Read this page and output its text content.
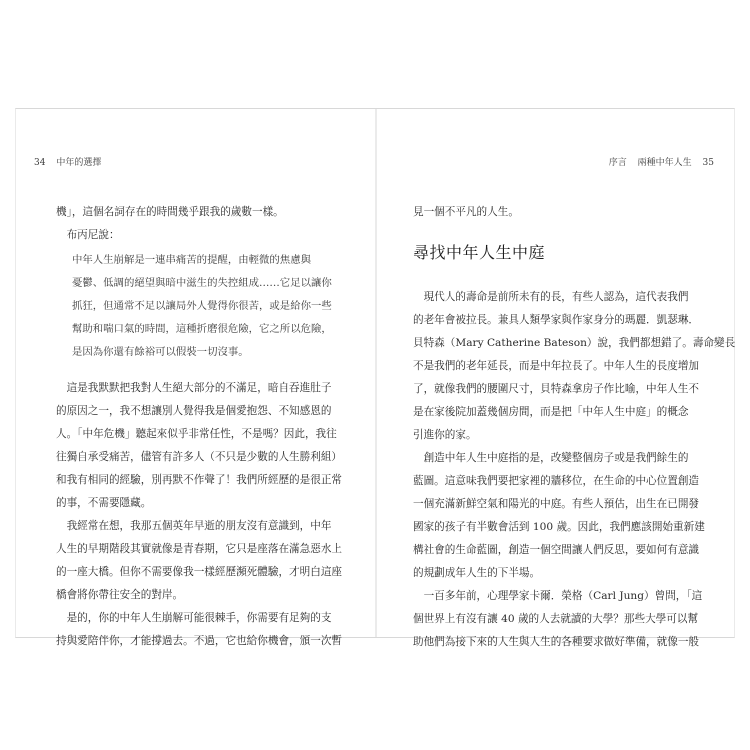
34 中年的選擇
機」，這個名詞存在的時間幾乎跟我的歲數一樣。
　布丙尼說：
中年人生崩解是一連串痛苦的提醒，由輕微的焦慮與
憂鬱、低調的絕望與暗中滋生的失控組成……它足以讓你
抓狂，但通常不足以讓局外人覺得你很苦，或是給你一些
幫助和喘口氣的時間，這種折磨很危險，它之所以危險，
是因為你還有餘裕可以假裝一切沒事。
　這是我默默把我對人生絕大部分的不滿足，暗自吞進肚子
的原因之一，我不想讓別人覺得我是個愛抱怨、不知感恩的
人。「中年危機」聽起來似乎非常任性，不是嗎？因此，我往
往獨自承受痛苦，儘管有許多人（不只是少數的人生勝利組）
和我有相同的經驗，別再默不作聲了！我們所經歷的是很正常
的事，不需要隱藏。
　我經常在想，我那五個英年早逝的朋友沒有意識到，中年
人生的早期階段其實就像是青春期，它只是座落在滿急惡水上
的一座大橋。但你不需要像我一樣經歷瀕死體驗，才明白這座
橋會將你帶往安全的對岸。
　是的，你的中年人生崩解可能很棘手，你需要有足夠的支
持與愛陪伴你，才能撐過去。不過，它也給你機會，頒一次暫
序言 兩種中年人生 35
見一個不平凡的人生。
尋找中年人生中庭
　現代人的壽命是前所未有的長，有些人認為，這代表我們
的老年會被拉長。兼具人類學家與作家身分的瑪麗．凱瑟琳．
貝特森（Mary Catherine Bateson）說，我們都想錯了。壽命變長
不是我們的老年延長，而是中年拉長了。中年人生的長度增加
了，就像我們的腰圍尺寸，貝特森拿房子作比喻，中年人生不
是在家後院加蓋幾個房間，而是把「中年人生中庭」的概念
引進你的家。
　創造中年人生中庭指的是，改變整個房子或是我們餘生的
藍圖。這意味我們要把家裡的牆移位，在生命的中心位置創造
一個充滿新鮮空氣和陽光的中庭。有些人預估，出生在已開發
國家的孩子有半數會活到 100 歲。因此，我們應該開始重新建
構社會的生命藍圖，創造一個空間讓人們反思，要如何有意識
的規劃成年人生的下半場。
　一百多年前，心理學家卡爾．榮格（Carl Jung）曾問，「這
個世界上有沒有讓 40 歲的人去就讀的大學？那些大學可以幫
助他們為接下來的人生與人生的各種要求做好準備，就像一般
